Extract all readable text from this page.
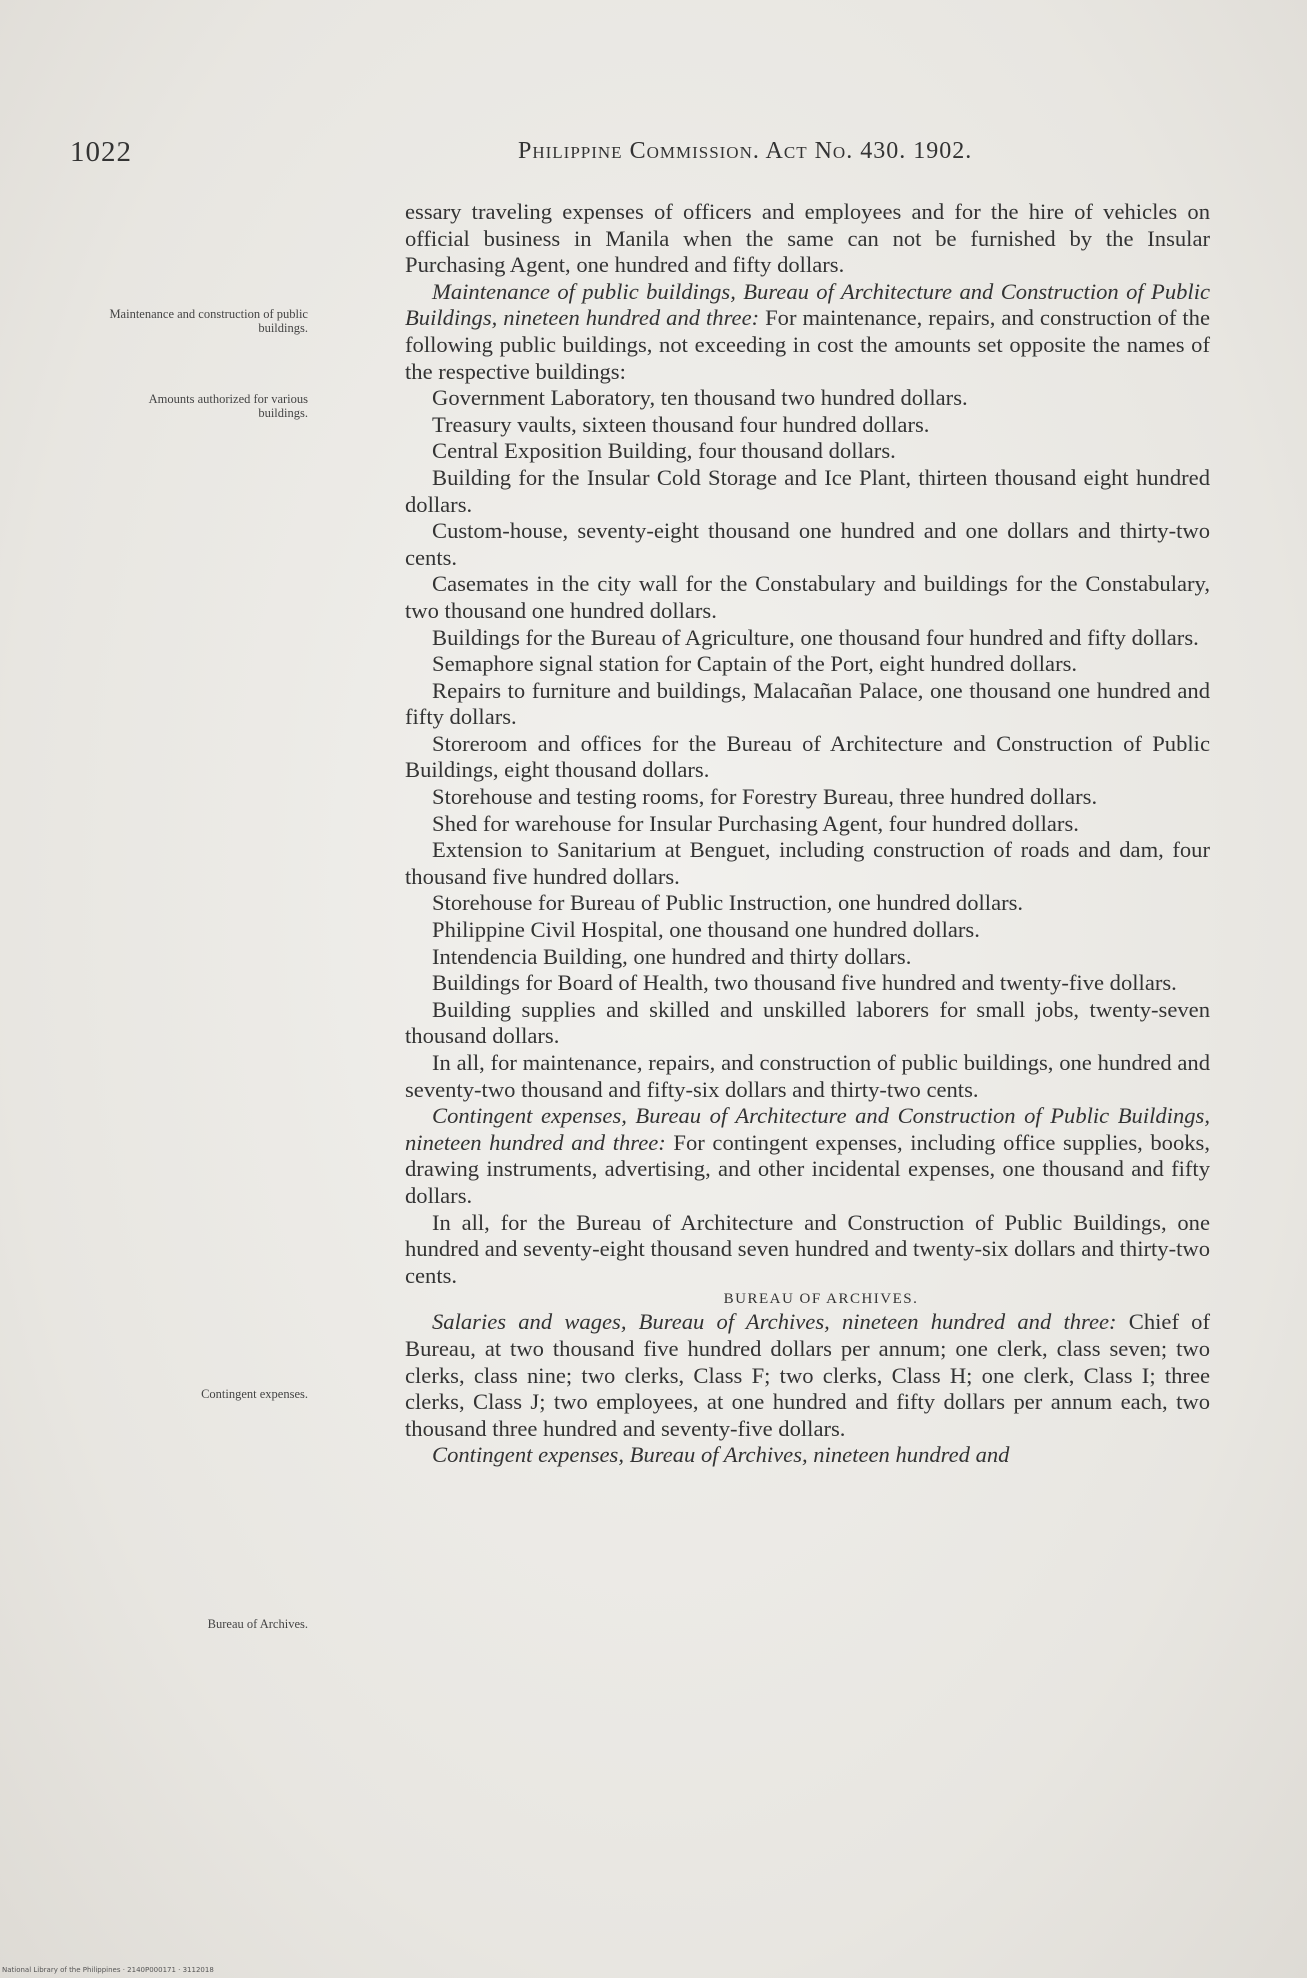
1022	Philippine Commission. Act No. 430. 1902.
Maintenance and construction of public buildings.
Amounts authorized for various buildings.
Contingent expenses.
Bureau of Archives.

essary traveling expenses of officers and employees and for the hire of vehicles on official business in Manila when the same can not be furnished by the Insular Purchasing Agent, one hundred and fifty dollars.

Maintenance of public buildings, Bureau of Architecture and Construction of Public Buildings, nineteen hundred and three: For maintenance, repairs, and construction of the following public buildings, not exceeding in cost the amounts set opposite the names of the respective buildings:

Government Laboratory, ten thousand two hundred dollars.

Treasury vaults, sixteen thousand four hundred dollars.

Central Exposition Building, four thousand dollars.

Building for the Insular Cold Storage and Ice Plant, thirteen thousand eight hundred dollars.

Custom-house, seventy-eight thousand one hundred and one dollars and thirty-two cents.

Casemates in the city wall for the Constabulary and buildings for the Constabulary, two thousand one hundred dollars.

Buildings for the Bureau of Agriculture, one thousand four hundred and fifty dollars.

Semaphore signal station for Captain of the Port, eight hundred dollars.

Repairs to furniture and buildings, Malacañan Palace, one thousand one hundred and fifty dollars.

Storeroom and offices for the Bureau of Architecture and Construction of Public Buildings, eight thousand dollars.

Storehouse and testing rooms, for Forestry Bureau, three hundred dollars.

Shed for warehouse for Insular Purchasing Agent, four hundred dollars.

Extension to Sanitarium at Benguet, including construction of roads and dam, four thousand five hundred dollars.

Storehouse for Bureau of Public Instruction, one hundred dollars.

Philippine Civil Hospital, one thousand one hundred dollars.

Intendencia Building, one hundred and thirty dollars.

Buildings for Board of Health, two thousand five hundred and twenty-five dollars.

Building supplies and skilled and unskilled laborers for small jobs, twenty-seven thousand dollars.

In all, for maintenance, repairs, and construction of public buildings, one hundred and seventy-two thousand and fifty-six dollars and thirty-two cents.

Contingent expenses, Bureau of Architecture and Construction of Public Buildings, nineteen hundred and three: For contingent expenses, including office supplies, books, drawing instruments, advertising, and other incidental expenses, one thousand and fifty dollars.

In all, for the Bureau of Architecture and Construction of Public Buildings, one hundred and seventy-eight thousand seven hundred and twenty-six dollars and thirty-two cents.

BUREAU OF ARCHIVES.

Salaries and wages, Bureau of Archives, nineteen hundred and three: Chief of Bureau, at two thousand five hundred dollars per annum; one clerk, class seven; two clerks, class nine; two clerks, Class F; two clerks, Class H; one clerk, Class I; three clerks, Class J; two employees, at one hundred and fifty dollars per annum each, two thousand three hundred and seventy-five dollars.

Contingent expenses, Bureau of Archives, nineteen hundred and

National Library of the Philippines · 2140P000171 · 3112018
